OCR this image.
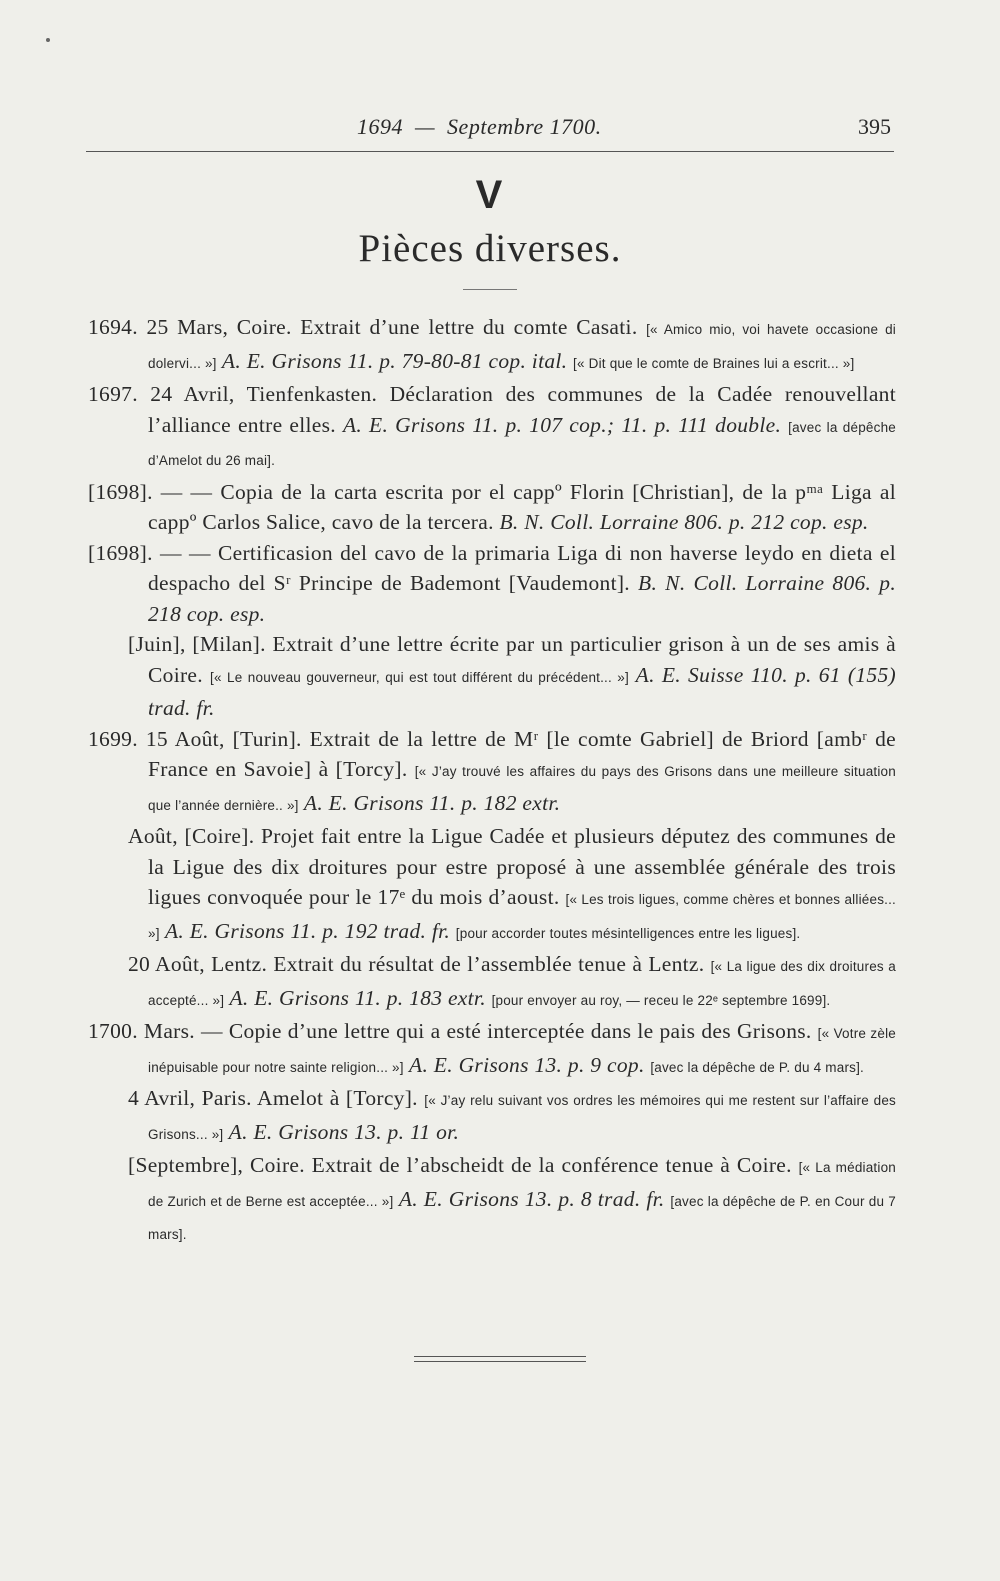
1694  —  Septembre 1700.	395
V
Pièces diverses.

1694. 25 Mars, Coire. Extrait d’une lettre du comte Casati. [« Amico mio, voi havete occasione di dolervi... »] A. E. Grisons 11. p. 79-80-81 cop. ital. [« Dit que le comte de Braines lui a escrit... »]

1697. 24 Avril, Tienfenkasten. Déclaration des communes de la Cadée renouvellant l’alliance entre elles. A. E. Grisons 11. p. 107 cop.; 11. p. 111 double. [avec la dépêche d’Amelot du 26 mai].

[1698]. — — Copia de la carta escrita por el cappº Florin [Christian], de la pᵐᵃ Liga al cappº Carlos Salice, cavo de la tercera. B. N. Coll. Lorraine 806. p. 212 cop. esp.

[1698]. — — Certificasion del cavo de la primaria Liga di non haverse leydo en dieta el despacho del Sʳ Principe de Bademont [Vaudemont]. B. N. Coll. Lorraine 806. p. 218 cop. esp.

[Juin], [Milan]. Extrait d’une lettre écrite par un particulier grison à un de ses amis à Coire. [« Le nouveau gouverneur, qui est tout différent du précédent... »] A. E. Suisse 110. p. 61 (155) trad. fr.

1699. 15 Août, [Turin]. Extrait de la lettre de Mʳ [le comte Gabriel] de Briord [ambʳ de France en Savoie] à [Torcy]. [« J’ay trouvé les affaires du pays des Grisons dans une meilleure situation que l’année dernière.. »] A. E. Grisons 11. p. 182 extr.

Août, [Coire]. Projet fait entre la Ligue Cadée et plusieurs députez des communes de la Ligue des dix droitures pour estre proposé à une assemblée générale des trois ligues convoquée pour le 17ᵉ du mois d’aoust. [« Les trois ligues, comme chères et bonnes alliées... »] A. E. Grisons 11. p. 192 trad. fr. [pour accorder toutes mésintelligences entre les ligues].

20 Août, Lentz. Extrait du résultat de l’assemblée tenue à Lentz. [« La ligue des dix droitures a accepté... »] A. E. Grisons 11. p. 183 extr. [pour envoyer au roy, — receu le 22ᵉ septembre 1699].

1700. Mars. — Copie d’une lettre qui a esté interceptée dans le pais des Grisons. [« Votre zèle inépuisable pour notre sainte religion... »] A. E. Grisons 13. p. 9 cop. [avec la dépêche de P. du 4 mars].

4 Avril, Paris. Amelot à [Torcy]. [« J’ay relu suivant vos ordres les mémoires qui me restent sur l’affaire des Grisons... »] A. E. Grisons 13. p. 11 or.

[Septembre], Coire. Extrait de l’abscheidt de la conférence tenue à Coire. [« La médiation de Zurich et de Berne est acceptée... »] A. E. Grisons 13. p. 8 trad. fr. [avec la dépêche de P. en Cour du 7 mars].
